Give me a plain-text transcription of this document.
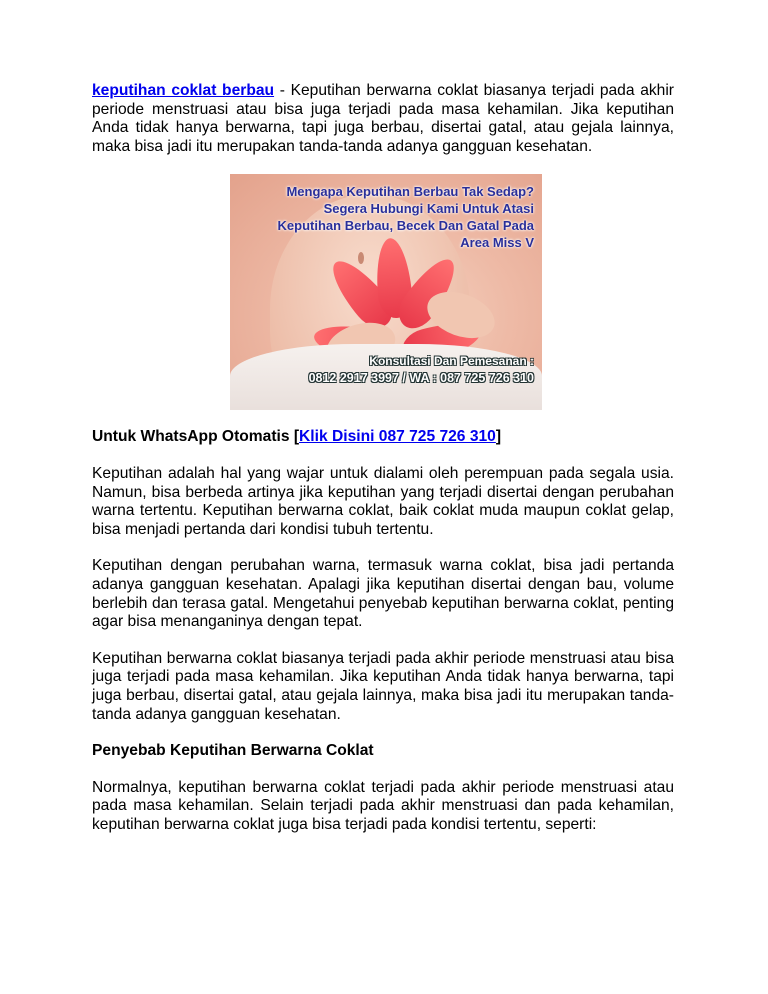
keputihan coklat berbau - Keputihan berwarna coklat biasanya terjadi pada akhir periode menstruasi atau bisa juga terjadi pada masa kehamilan. Jika keputihan Anda tidak hanya berwarna, tapi juga berbau, disertai gatal, atau gejala lainnya, maka bisa jadi itu merupakan tanda-tanda adanya gangguan kesehatan.

Mengapa Keputihan Berbau Tak Sedap?
Segera Hubungi Kami Untuk Atasi
Keputihan Berbau, Becek Dan Gatal Pada
Area Miss V
Konsultasi Dan Pemesanan :
0812 2917 3997 / WA : 087 725 726 310

Untuk WhatsApp Otomatis [Klik Disini 087 725 726 310]

Keputihan adalah hal yang wajar untuk dialami oleh perempuan pada segala usia. Namun, bisa berbeda artinya jika keputihan yang terjadi disertai dengan perubahan warna tertentu. Keputihan berwarna coklat, baik coklat muda maupun coklat gelap, bisa menjadi pertanda dari kondisi tubuh tertentu.

Keputihan dengan perubahan warna, termasuk warna coklat, bisa jadi pertanda adanya gangguan kesehatan. Apalagi jika keputihan disertai dengan bau, volume berlebih dan terasa gatal. Mengetahui penyebab keputihan berwarna coklat, penting agar bisa menanganinya dengan tepat.

Keputihan berwarna coklat biasanya terjadi pada akhir periode menstruasi atau bisa juga terjadi pada masa kehamilan. Jika keputihan Anda tidak hanya berwarna, tapi juga berbau, disertai gatal, atau gejala lainnya, maka bisa jadi itu merupakan tanda-tanda adanya gangguan kesehatan.

Penyebab Keputihan Berwarna Coklat

Normalnya, keputihan berwarna coklat terjadi pada akhir periode menstruasi atau pada masa kehamilan. Selain terjadi pada akhir menstruasi dan pada kehamilan, keputihan berwarna coklat juga bisa terjadi pada kondisi tertentu, seperti:
